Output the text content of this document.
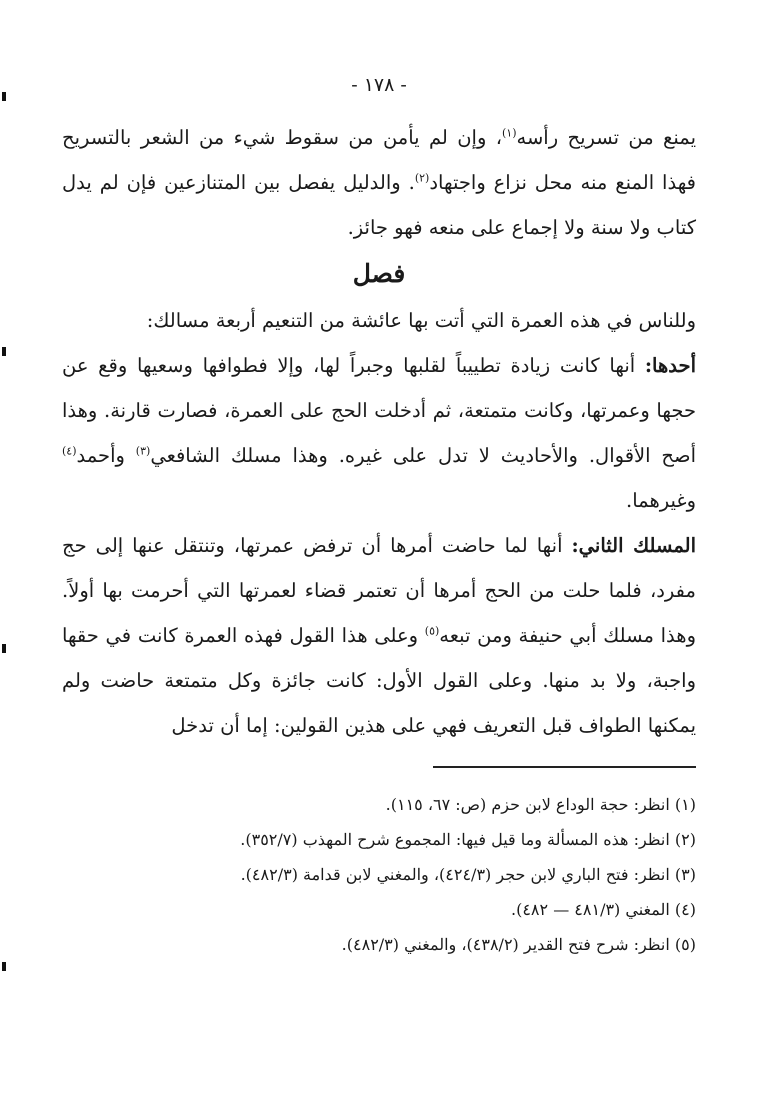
- ١٧٨ -

يمنع من تسريح رأسه$^{(١)}$، وإن لم يأمن من سقوط شيء من الشعر بالتسريح فهذا المنع منه محل نزاع واجتهاد$^{(٢)}$. والدليل يفصل بين المتنازعين فإن لم يدل كتاب ولا سنة ولا إجماع على منعه فهو جائز.

فصل

وللناس في هذه العمرة التي أتت بها عائشة من التنعيم أربعة مسالك:

أحدها: أنها كانت زيادة تطييباً لقلبها وجبراً لها، وإلا فطوافها وسعيها وقع عن حجها وعمرتها، وكانت متمتعة، ثم أدخلت الحج على العمرة، فصارت قارنة. وهذا أصح الأقوال. والأحاديث لا تدل على غيره. وهذا مسلك الشافعي$^{(٣)}$ وأحمد$^{(٤)}$ وغيرهما.

المسلك الثاني: أنها لما حاضت أمرها أن ترفض عمرتها، وتنتقل عنها إلى حج مفرد، فلما حلت من الحج أمرها أن تعتمر قضاء لعمرتها التي أحرمت بها أولاً. وهذا مسلك أبي حنيفة ومن تبعه$^{(٥)}$ وعلى هذا القول فهذه العمرة كانت في حقها واجبة، ولا بد منها. وعلى القول الأول: كانت جائزة وكل متمتعة حاضت ولم يمكنها الطواف قبل التعريف فهي على هذين القولين: إما أن تدخل

(١) انظر: حجة الوداع لابن حزم (ص: ٦٧، ١١٥).

(٢) انظر: هذه المسألة وما قيل فيها: المجموع شرح المهذب (٣٥٢/٧).

(٣) انظر: فتح الباري لابن حجر (٤٢٤/٣)، والمغني لابن قدامة (٤٨٢/٣).

(٤) المغني (٤٨١/٣ — ٤٨٢).

(٥) انظر: شرح فتح القدير (٤٣٨/٢)، والمغني (٤٨٢/٣).
